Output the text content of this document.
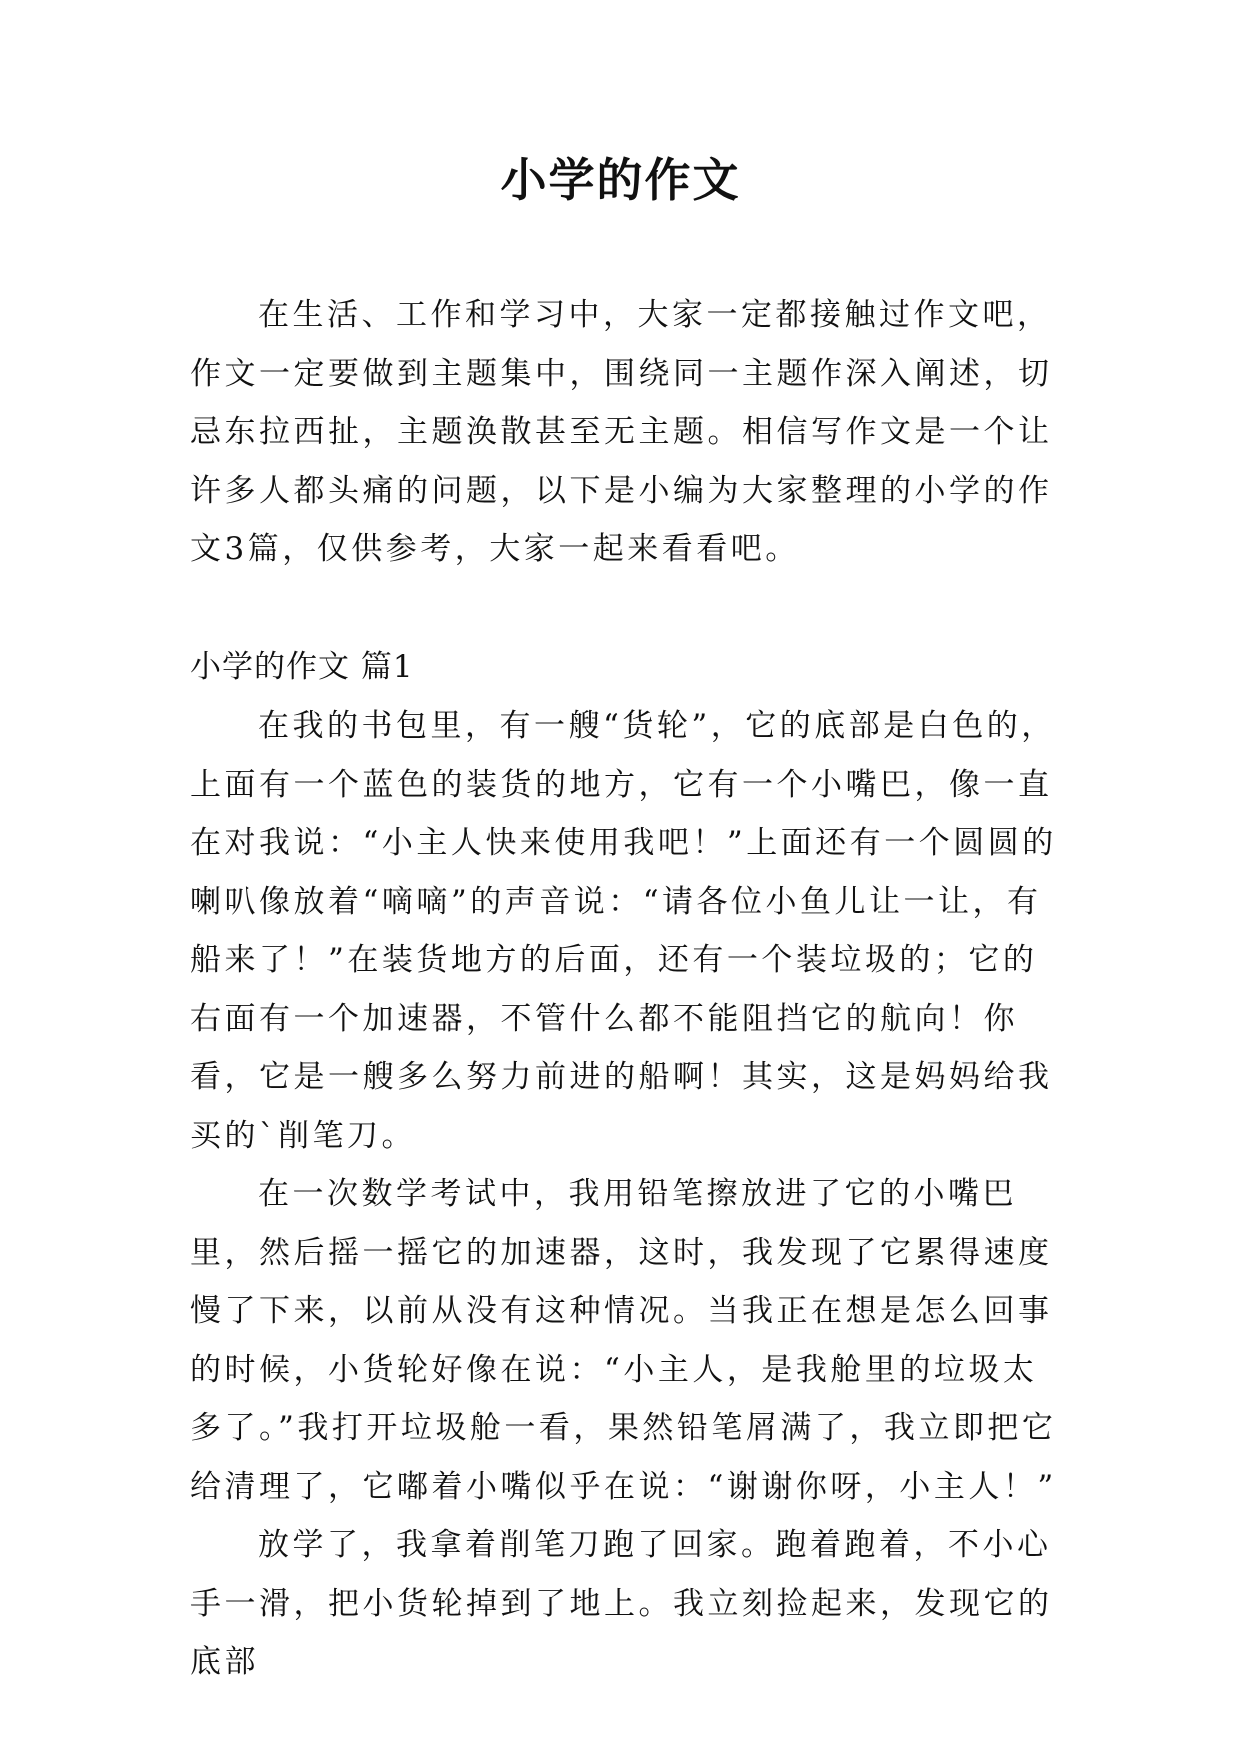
小学的作文

在生活、工作和学习中，大家一定都接触过作文吧，作文一定要做到主题集中，围绕同一主题作深入阐述，切忌东拉西扯，主题涣散甚至无主题。相信写作文是一个让许多人都头痛的问题，以下是小编为大家整理的小学的作文3篇，仅供参考，大家一起来看看吧。

小学的作文 篇1

在我的书包里，有一艘“货轮”，它的底部是白色的，上面有一个蓝色的装货的地方，它有一个小嘴巴，像一直在对我说：“小主人快来使用我吧！”上面还有一个圆圆的喇叭像放着“嘀嘀”的声音说：“请各位小鱼儿让一让，有船来了！”在装货地方的后面，还有一个装垃圾的；它的右面有一个加速器，不管什么都不能阻挡它的航向！你看，它是一艘多么努力前进的船啊！其实，这是妈妈给我买的`削笔刀。

在一次数学考试中，我用铅笔擦放进了它的小嘴巴里，然后摇一摇它的加速器，这时，我发现了它累得速度慢了下来，以前从没有这种情况。当我正在想是怎么回事的时候，小货轮好像在说：“小主人，是我舱里的垃圾太多了。”我打开垃圾舱一看，果然铅笔屑满了，我立即把它给清理了，它嘟着小嘴似乎在说：“谢谢你呀，小主人！”

放学了，我拿着削笔刀跑了回家。跑着跑着，不小心手一滑，把小货轮掉到了地上。我立刻捡起来，发现它的底部
